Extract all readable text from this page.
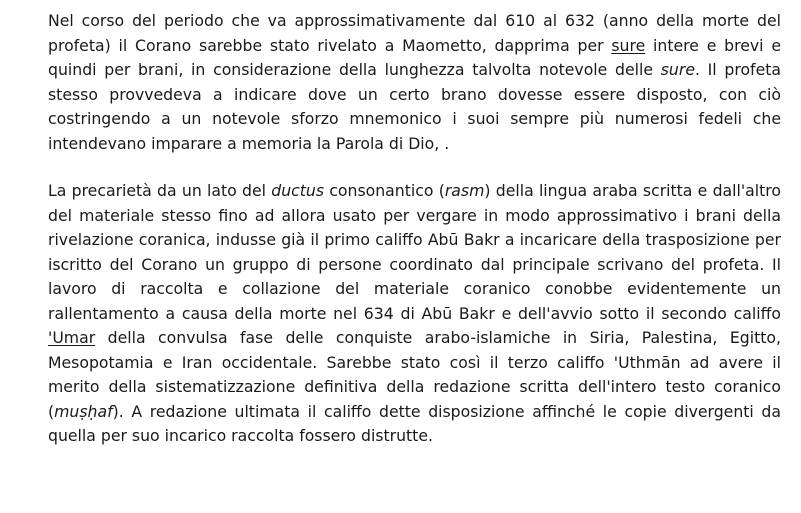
Nel corso del periodo che va approssimativamente dal 610 al 632 (anno della morte del profeta) il Corano sarebbe stato rivelato a Maometto, dapprima per sure intere e brevi e quindi per brani, in considerazione della lunghezza talvolta notevole delle sure. Il profeta stesso provvedeva a indicare dove un certo brano dovesse essere disposto, con ciò costringendo a un notevole sforzo mnemonico i suoi sempre più numerosi fedeli che intendevano imparare a memoria la Parola di Dio, .

La precarietà da un lato del ductus consonantico (rasm) della lingua araba scritta e dall'altro del materiale stesso fino ad allora usato per vergare in modo approssimativo i brani della rivelazione coranica, indusse già il primo califfo Abū Bakr a incaricare della trasposizione per iscritto del Corano un gruppo di persone coordinato dal principale scrivano del profeta. Il lavoro di raccolta e collazione del materiale coranico conobbe evidentemente un rallentamento a causa della morte nel 634 di Abū Bakr e dell'avvio sotto il secondo califfo 'Umar della convulsa fase delle conquiste arabo-islamiche in Siria, Palestina, Egitto, Mesopotamia e Iran occidentale. Sarebbe stato così il terzo califfo 'Uthmān ad avere il merito della sistematizzazione definitiva della redazione scritta dell'intero testo coranico (muṣḥaf). A redazione ultimata il califfo dette disposizione affinché le copie divergenti da quella per suo incarico raccolta fossero distrutte.
